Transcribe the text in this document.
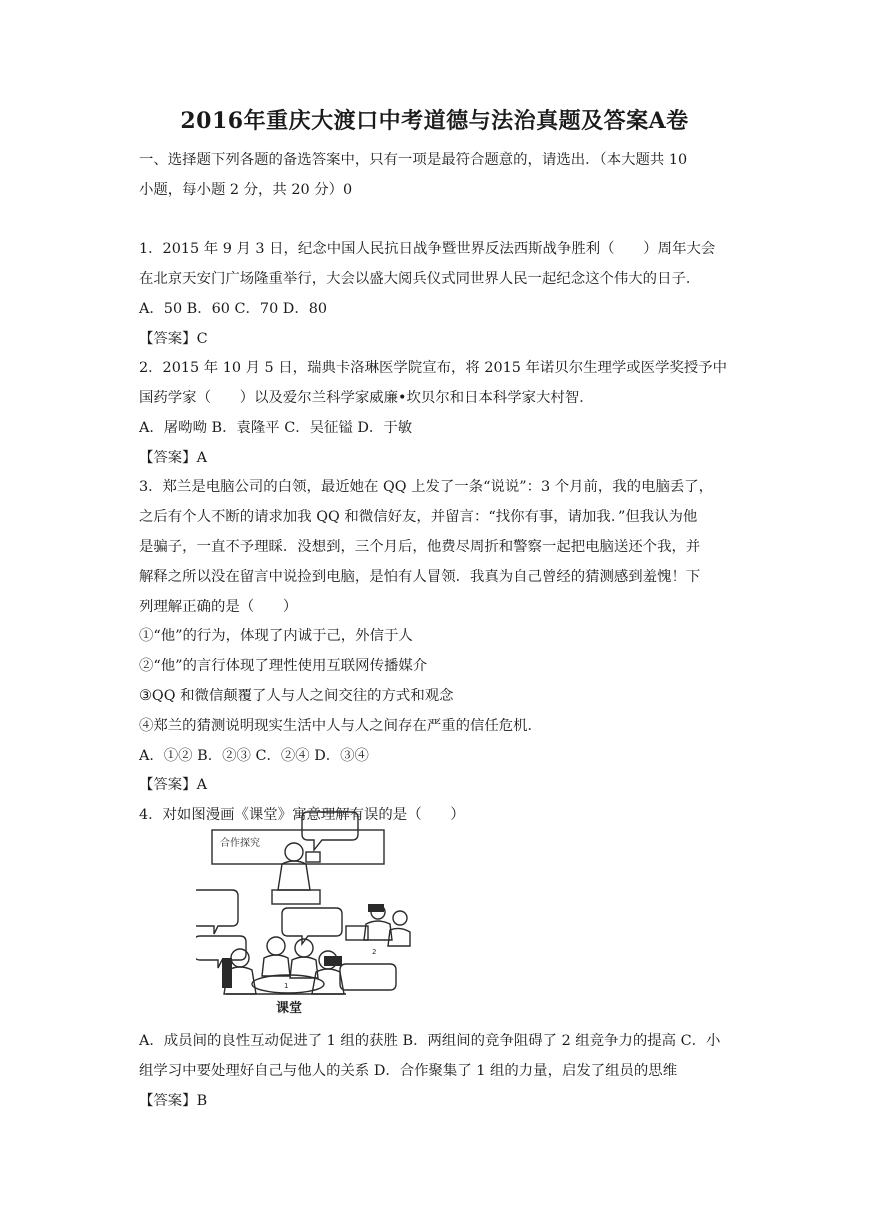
2016年重庆大渡口中考道德与法治真题及答案A卷
一、选择题下列各题的备选答案中，只有一项是最符合题意的，请选出．（本大题共 10
小题，每小题 2 分，共 20 分）0
1．2015 年 9 月 3 日，纪念中国人民抗日战争暨世界反法西斯战争胜利（　　）周年大会
在北京天安门广场隆重举行，大会以盛大阅兵仪式同世界人民一起纪念这个伟大的日子．
A．50 B．60 C．70 D．80
【答案】C
2．2015 年 10 月 5 日，瑞典卡洛琳医学院宣布，将 2015 年诺贝尔生理学或医学奖授予中
国药学家（　　）以及爱尔兰科学家威廉•坎贝尔和日本科学家大村智．
A．屠呦呦 B．袁隆平 C．吴征镒 D．于敏
【答案】A
3．郑兰是电脑公司的白领，最近她在 QQ 上发了一条“说说”：3 个月前，我的电脑丢了，
之后有个人不断的请求加我 QQ 和微信好友，并留言：“找你有事，请加我．”但我认为他
是骗子，一直不予理睬．没想到，三个月后，他费尽周折和警察一起把电脑送还个我，并
解释之所以没在留言中说捡到电脑，是怕有人冒领．我真为自己曾经的猜测感到羞愧！下
列理解正确的是（　　）
①“他”的行为，体现了内诚于己，外信于人
②“他”的言行体现了理性使用互联网传播媒介
③QQ 和微信颠覆了人与人之间交往的方式和观念
④郑兰的猜测说明现实生活中人与人之间存在严重的信任危机．
A．①② B．②③ C．②④ D．③④
【答案】A
4．对如图漫画《课堂》寓意理解有误的是（　　）
1
2
合作探究
课堂
A．成员间的良性互动促进了 1 组的获胜 B．两组间的竞争阻碍了 2 组竞争力的提高 C．小
组学习中要处理好自己与他人的关系 D．合作聚集了 1 组的力量，启发了组员的思维
【答案】B
